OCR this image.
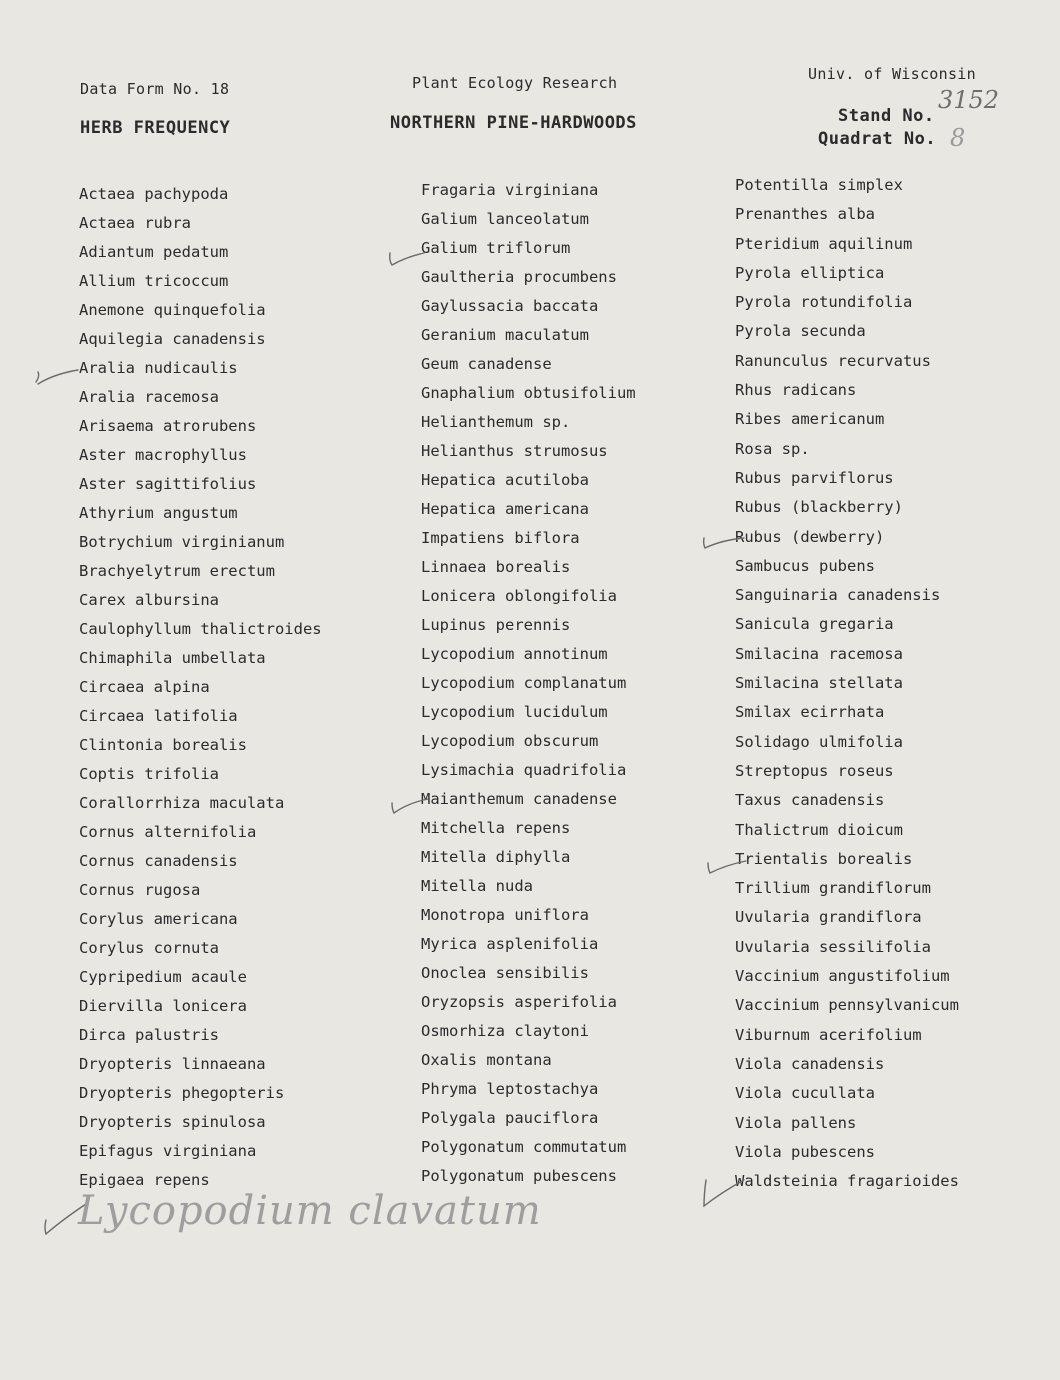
Data Form No. 18
HERB FREQUENCY
Plant Ecology Research
NORTHERN PINE-HARDWOODS
Univ. of Wisconsin
Stand No.
3152
Quadrat No. 8
Actaea pachypoda
Actaea rubra
Adiantum pedatum
Allium tricoccum
Anemone quinquefolia
Aquilegia canadensis
Aralia nudicaulis
Aralia racemosa
Arisaema atrorubens
Aster macrophyllus
Aster sagittifolius
Athyrium angustum
Botrychium virginianum
Brachyelytrum erectum
Carex albursina
Caulophyllum thalictroides
Chimaphila umbellata
Circaea alpina
Circaea latifolia
Clintonia borealis
Coptis trifolia
Corallorrhiza maculata
Cornus alternifolia
Cornus canadensis
Cornus rugosa
Corylus americana
Corylus cornuta
Cypripedium acaule
Diervilla lonicera
Dirca palustris
Dryopteris linnaeana
Dryopteris phegopteris
Dryopteris spinulosa
Epifagus virginiana
Epigaea repens
Fragaria virginiana
Galium lanceolatum
Galium triflorum
Gaultheria procumbens
Gaylussacia baccata
Geranium maculatum
Geum canadense
Gnaphalium obtusifolium
Helianthemum sp.
Helianthus strumosus
Hepatica acutiloba
Hepatica americana
Impatiens biflora
Linnaea borealis
Lonicera oblongifolia
Lupinus perennis
Lycopodium annotinum
Lycopodium complanatum
Lycopodium lucidulum
Lycopodium obscurum
Lysimachia quadrifolia
Maianthemum canadense
Mitchella repens
Mitella diphylla
Mitella nuda
Monotropa uniflora
Myrica asplenifolia
Onoclea sensibilis
Oryzopsis asperifolia
Osmorhiza claytoni
Oxalis montana
Phryma leptostachya
Polygala pauciflora
Polygonatum commutatum
Polygonatum pubescens
Potentilla simplex
Prenanthes alba
Pteridium aquilinum
Pyrola elliptica
Pyrola rotundifolia
Pyrola secunda
Ranunculus recurvatus
Rhus radicans
Ribes americanum
Rosa sp.
Rubus parviflorus
Rubus (blackberry)
Rubus (dewberry)
Sambucus pubens
Sanguinaria canadensis
Sanicula gregaria
Smilacina racemosa
Smilacina stellata
Smilax ecirrhata
Solidago ulmifolia
Streptopus roseus
Taxus canadensis
Thalictrum dioicum
Trientalis borealis
Trillium grandiflorum
Uvularia grandiflora
Uvularia sessilifolia
Vaccinium angustifolium
Vaccinium pennsylvanicum
Viburnum acerifolium
Viola canadensis
Viola cucullata
Viola pallens
Viola pubescens
Waldsteinia fragarioides
Lycopodium clavatum
